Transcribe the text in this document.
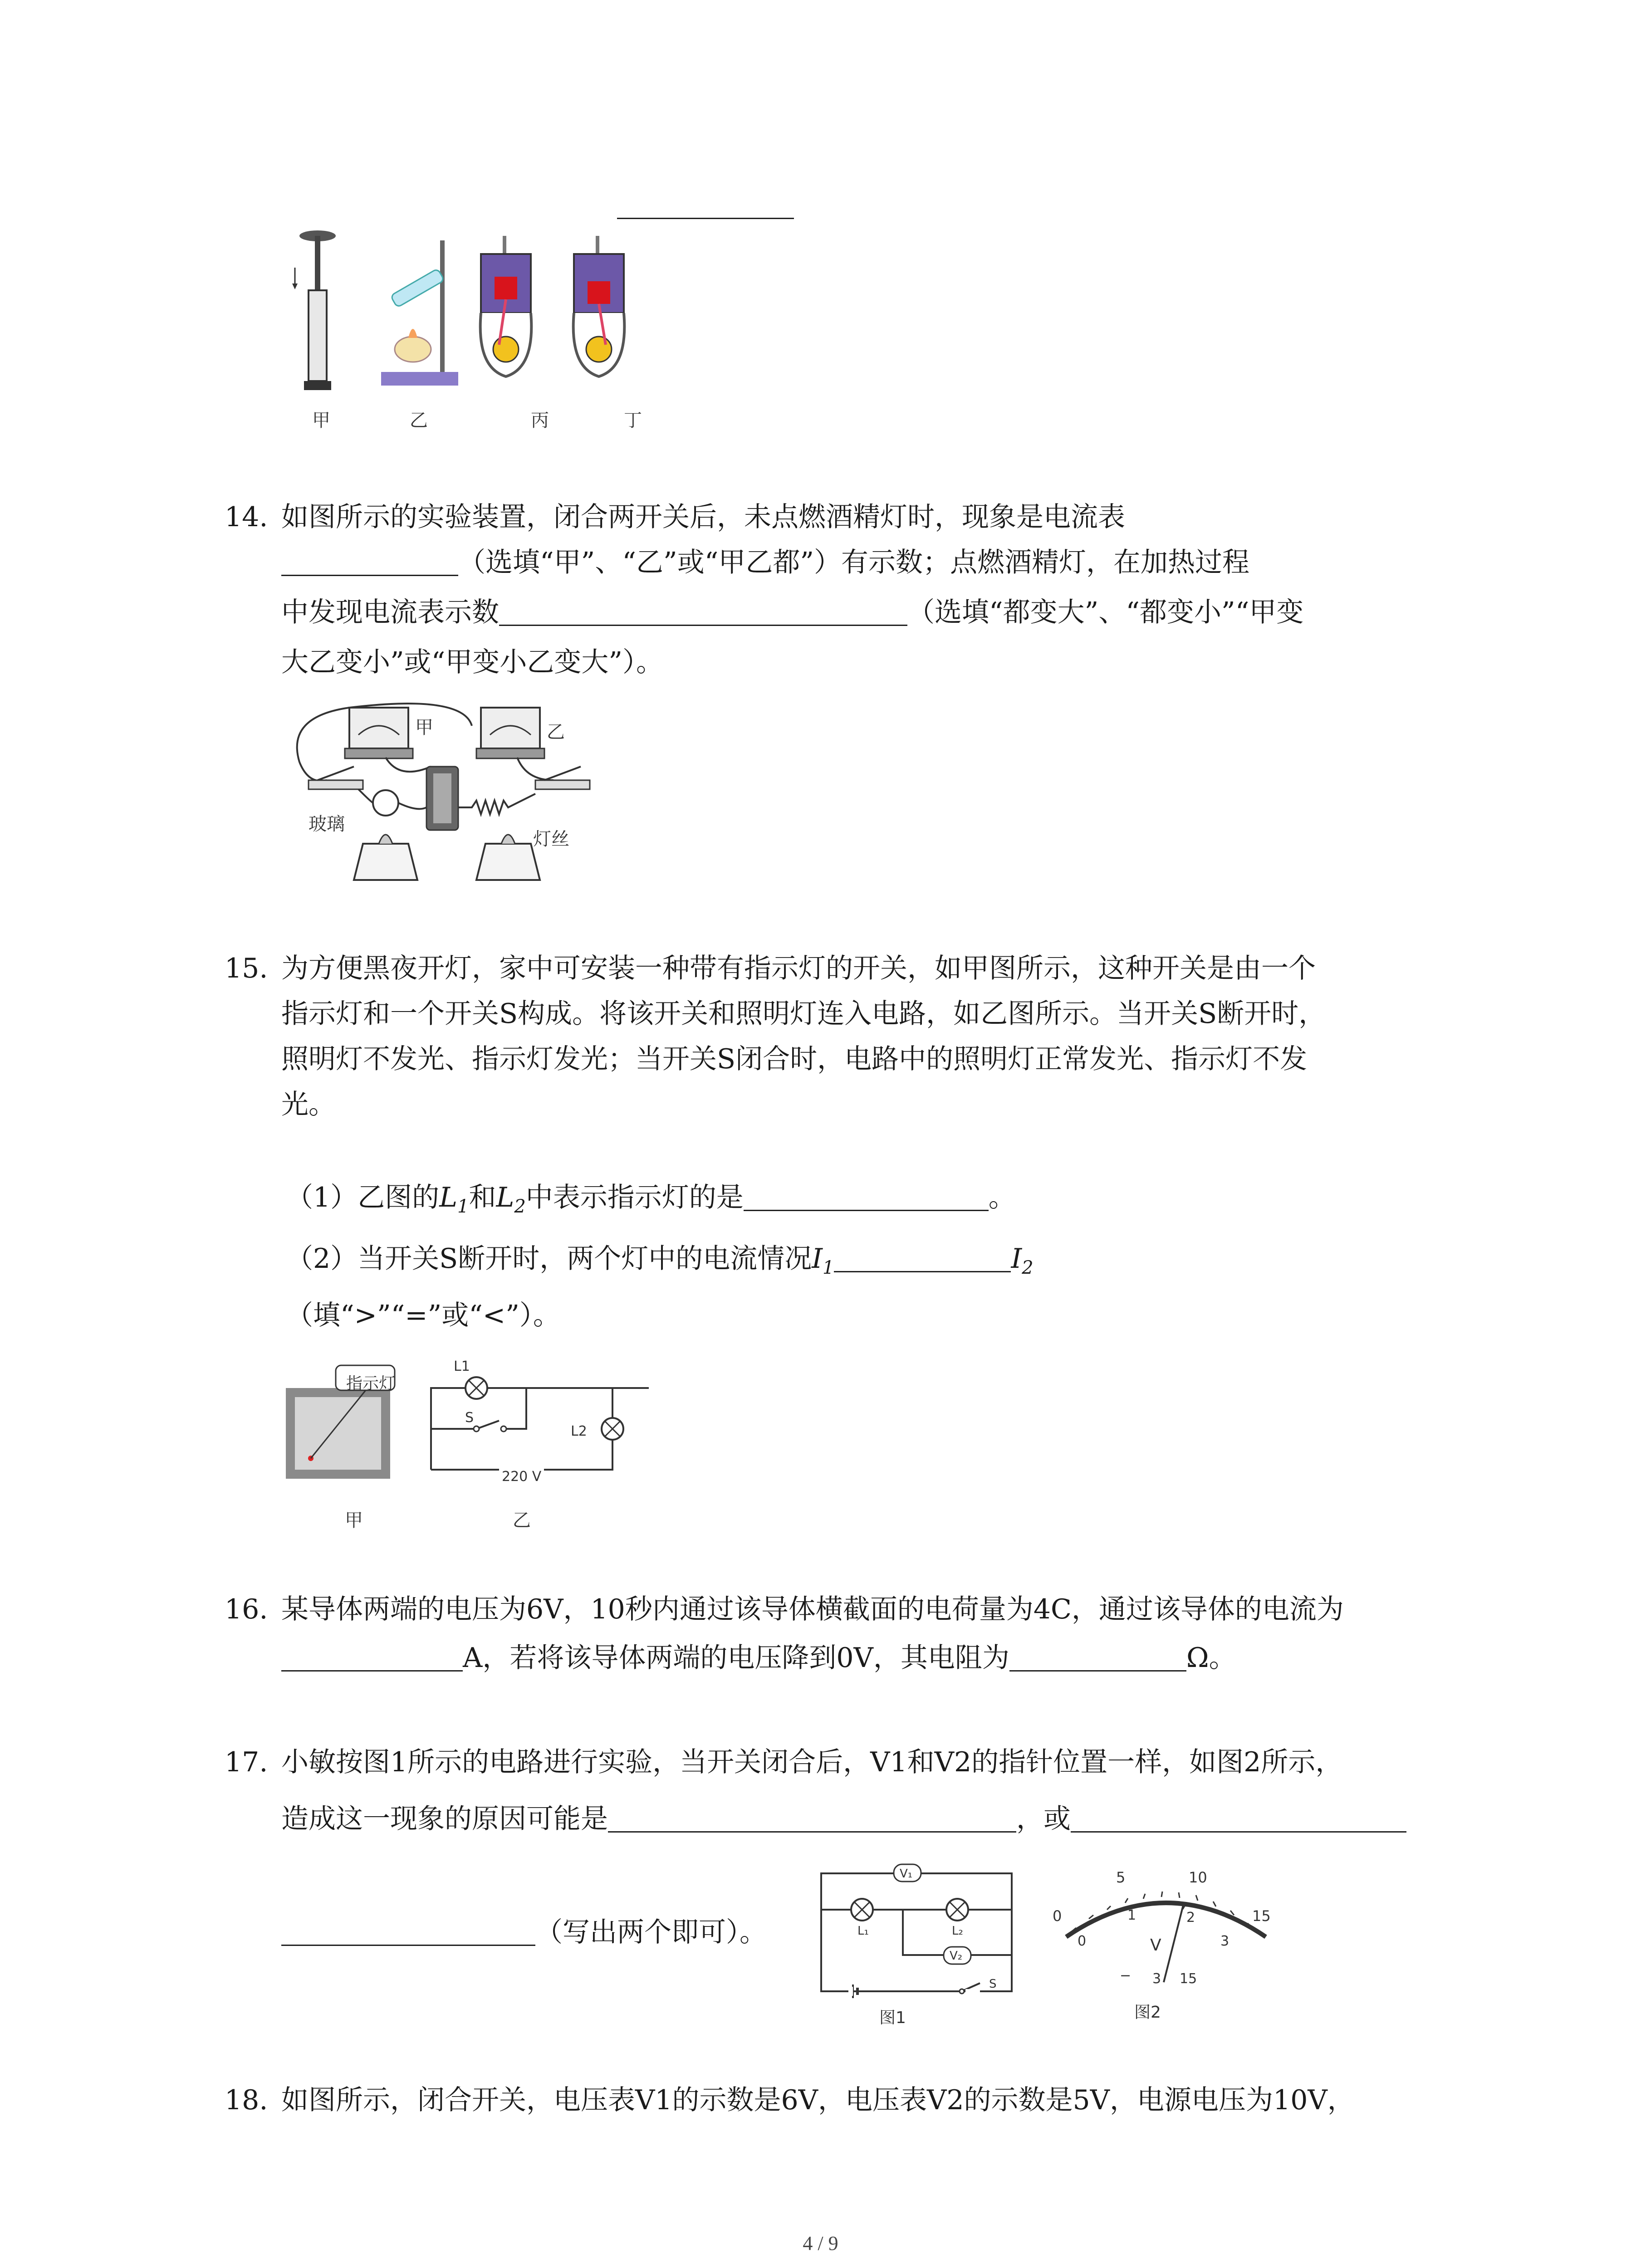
甲	乙	丙	丁
14. 如图所示的实验装置，闭合两开关后，未点燃酒精灯时，现象是电流表
（选填“甲”、“乙”或“甲乙都”）有示数；点燃酒精灯，在加热过程
中发现电流表示数	（选填“都变大”、“都变小”“甲变
大乙变小”或“甲变小乙变大”）。
甲	乙
玻璃
灯丝
15. 为方便黑夜开灯，家中可安装一种带有指示灯的开关，如甲图所示，这种开关是由一个
指示灯和一个开关S构成。将该开关和照明灯连入电路，如乙图所示。当开关S断开时，
照明灯不发光、指示灯发光；当开关S闭合时，电路中的照明灯正常发光、指示灯不发
光。
（1）乙图的$L_1$和$L_2$中表示指示灯的是	。
（2）当开关S断开时，两个灯中的电流情况$I_1$	$I_2$
（填“>”“=”或“<”）。
指示灯
L1
S
L2
220 V
甲	乙
16. 某导体两端的电压为6V，10秒内通过该导体横截面的电荷量为4C，通过该导体的电流为
A，若将该导体两端的电压降到0V，其电阻为	Ω。
17. 小敏按图1所示的电路进行实验，当开关闭合后，V1和V2的指针位置一样，如图2所示，
造成这一现象的原因可能是	，或
（写出两个即可）。
V₁
V₂
L₁	L₂
S
图1
0
5	10
15
0
1	2
3
V
− 3 15
图2
18. 如图所示，闭合开关，电压表V1的示数是6V，电压表V2的示数是5V，电源电压为10V，
4 / 9
